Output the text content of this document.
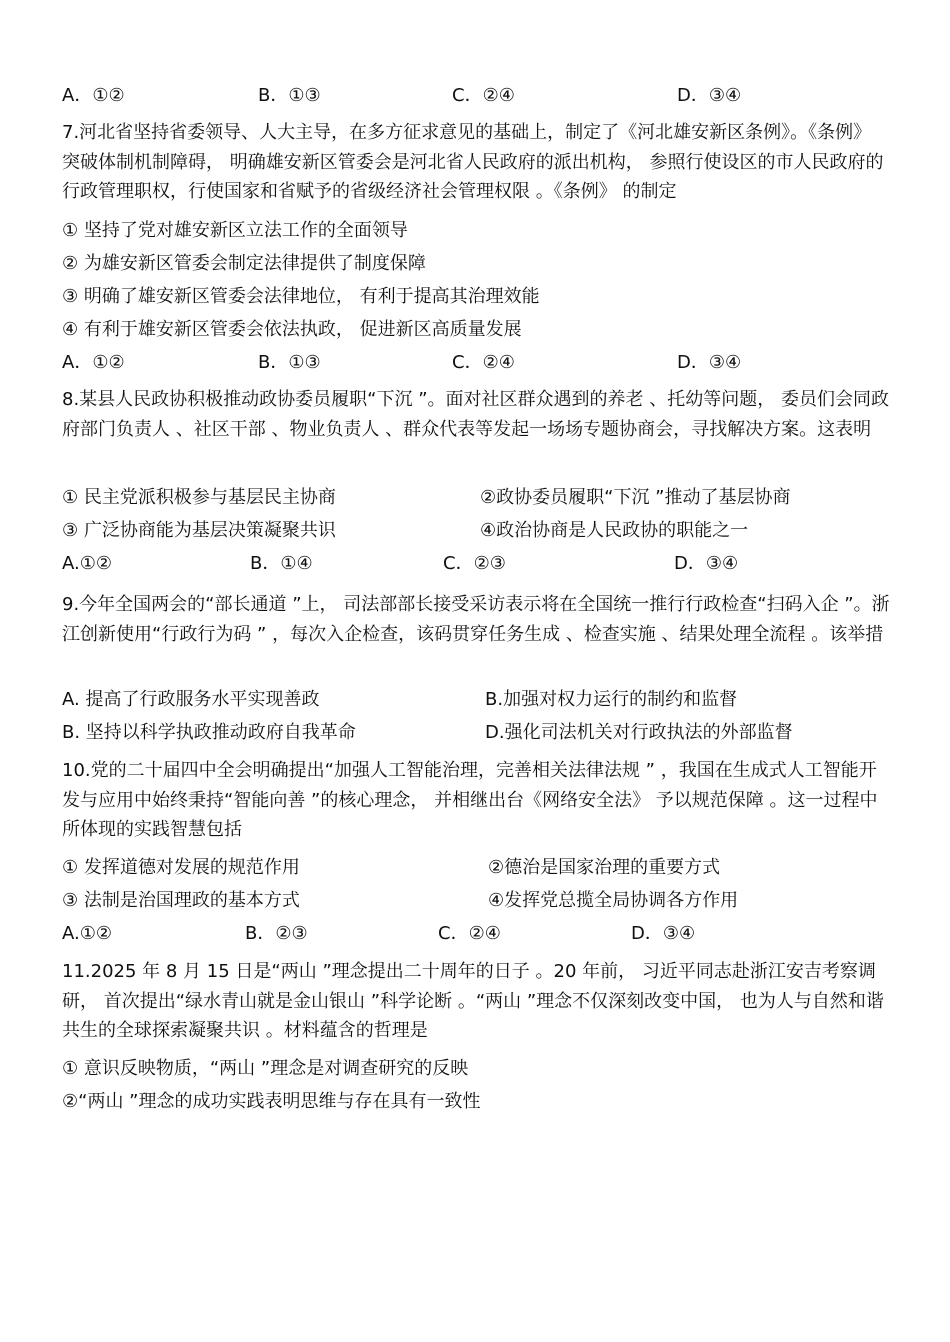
A．①②	B．①③	C．②④	D．③④
7.河北省坚持省委领导、人大主导，在多方征求意见的基础上，制定了《河北雄安新区条例》。《条例》 突破体制机制障碍， 明确雄安新区管委会是河北省人民政府的派出机构， 参照行使设区的市人民政府的行政管理职权，行使国家和省赋予的省级经济社会管理权限 。《条例》 的制定
① 坚持了党对雄安新区立法工作的全面领导
② 为雄安新区管委会制定法律提供了制度保障
③ 明确了雄安新区管委会法律地位， 有利于提高其治理效能
④ 有利于雄安新区管委会依法执政， 促进新区高质量发展
A．①②	B．①③	C．②④	D．③④
8.某县人民政协积极推动政协委员履职“下沉 ”。面对社区群众遇到的养老 、托幼等问题， 委员们会同政府部门负责人 、社区干部 、物业负责人 、群众代表等发起一场场专题协商会，寻找解决方案。这表明
① 民主党派积极参与基层民主协商	②政协委员履职“下沉 ”推动了基层协商
③ 广泛协商能为基层决策凝聚共识	④政治协商是人民政协的职能之一
A.①②	B．①④	C．②③	D．③④
9.今年全国两会的“部长通道 ”上， 司法部部长接受采访表示将在全国统一推行行政检查“扫码入企 ”。浙江创新使用“行政行为码 ” ，每次入企检查，该码贯穿任务生成 、检查实施 、结果处理全流程 。该举措
A. 提高了行政服务水平实现善政	B.加强对权力运行的制约和监督
B. 坚持以科学执政推动政府自我革命	D.强化司法机关对行政执法的外部监督
10.党的二十届四中全会明确提出“加强人工智能治理，完善相关法律法规 ” ，我国在生成式人工智能开发与应用中始终秉持“智能向善 ”的核心理念， 并相继出台《网络安全法》 予以规范保障 。这一过程中所体现的实践智慧包括
① 发挥道德对发展的规范作用	②德治是国家治理的重要方式
③ 法制是治国理政的基本方式	④发挥党总揽全局协调各方作用
A.①②	B．②③	C．②④	D．③④
11.2025 年 8 月 15 日是“两山 ”理念提出二十周年的日子 。20 年前， 习近平同志赴浙江安吉考察调研， 首次提出“绿水青山就是金山银山 ”科学论断 。“两山 ”理念不仅深刻改变中国， 也为人与自然和谐共生的全球探索凝聚共识 。材料蕴含的哲理是
① 意识反映物质，“两山 ”理念是对调查研究的反映
②“两山 ”理念的成功实践表明思维与存在具有一致性
